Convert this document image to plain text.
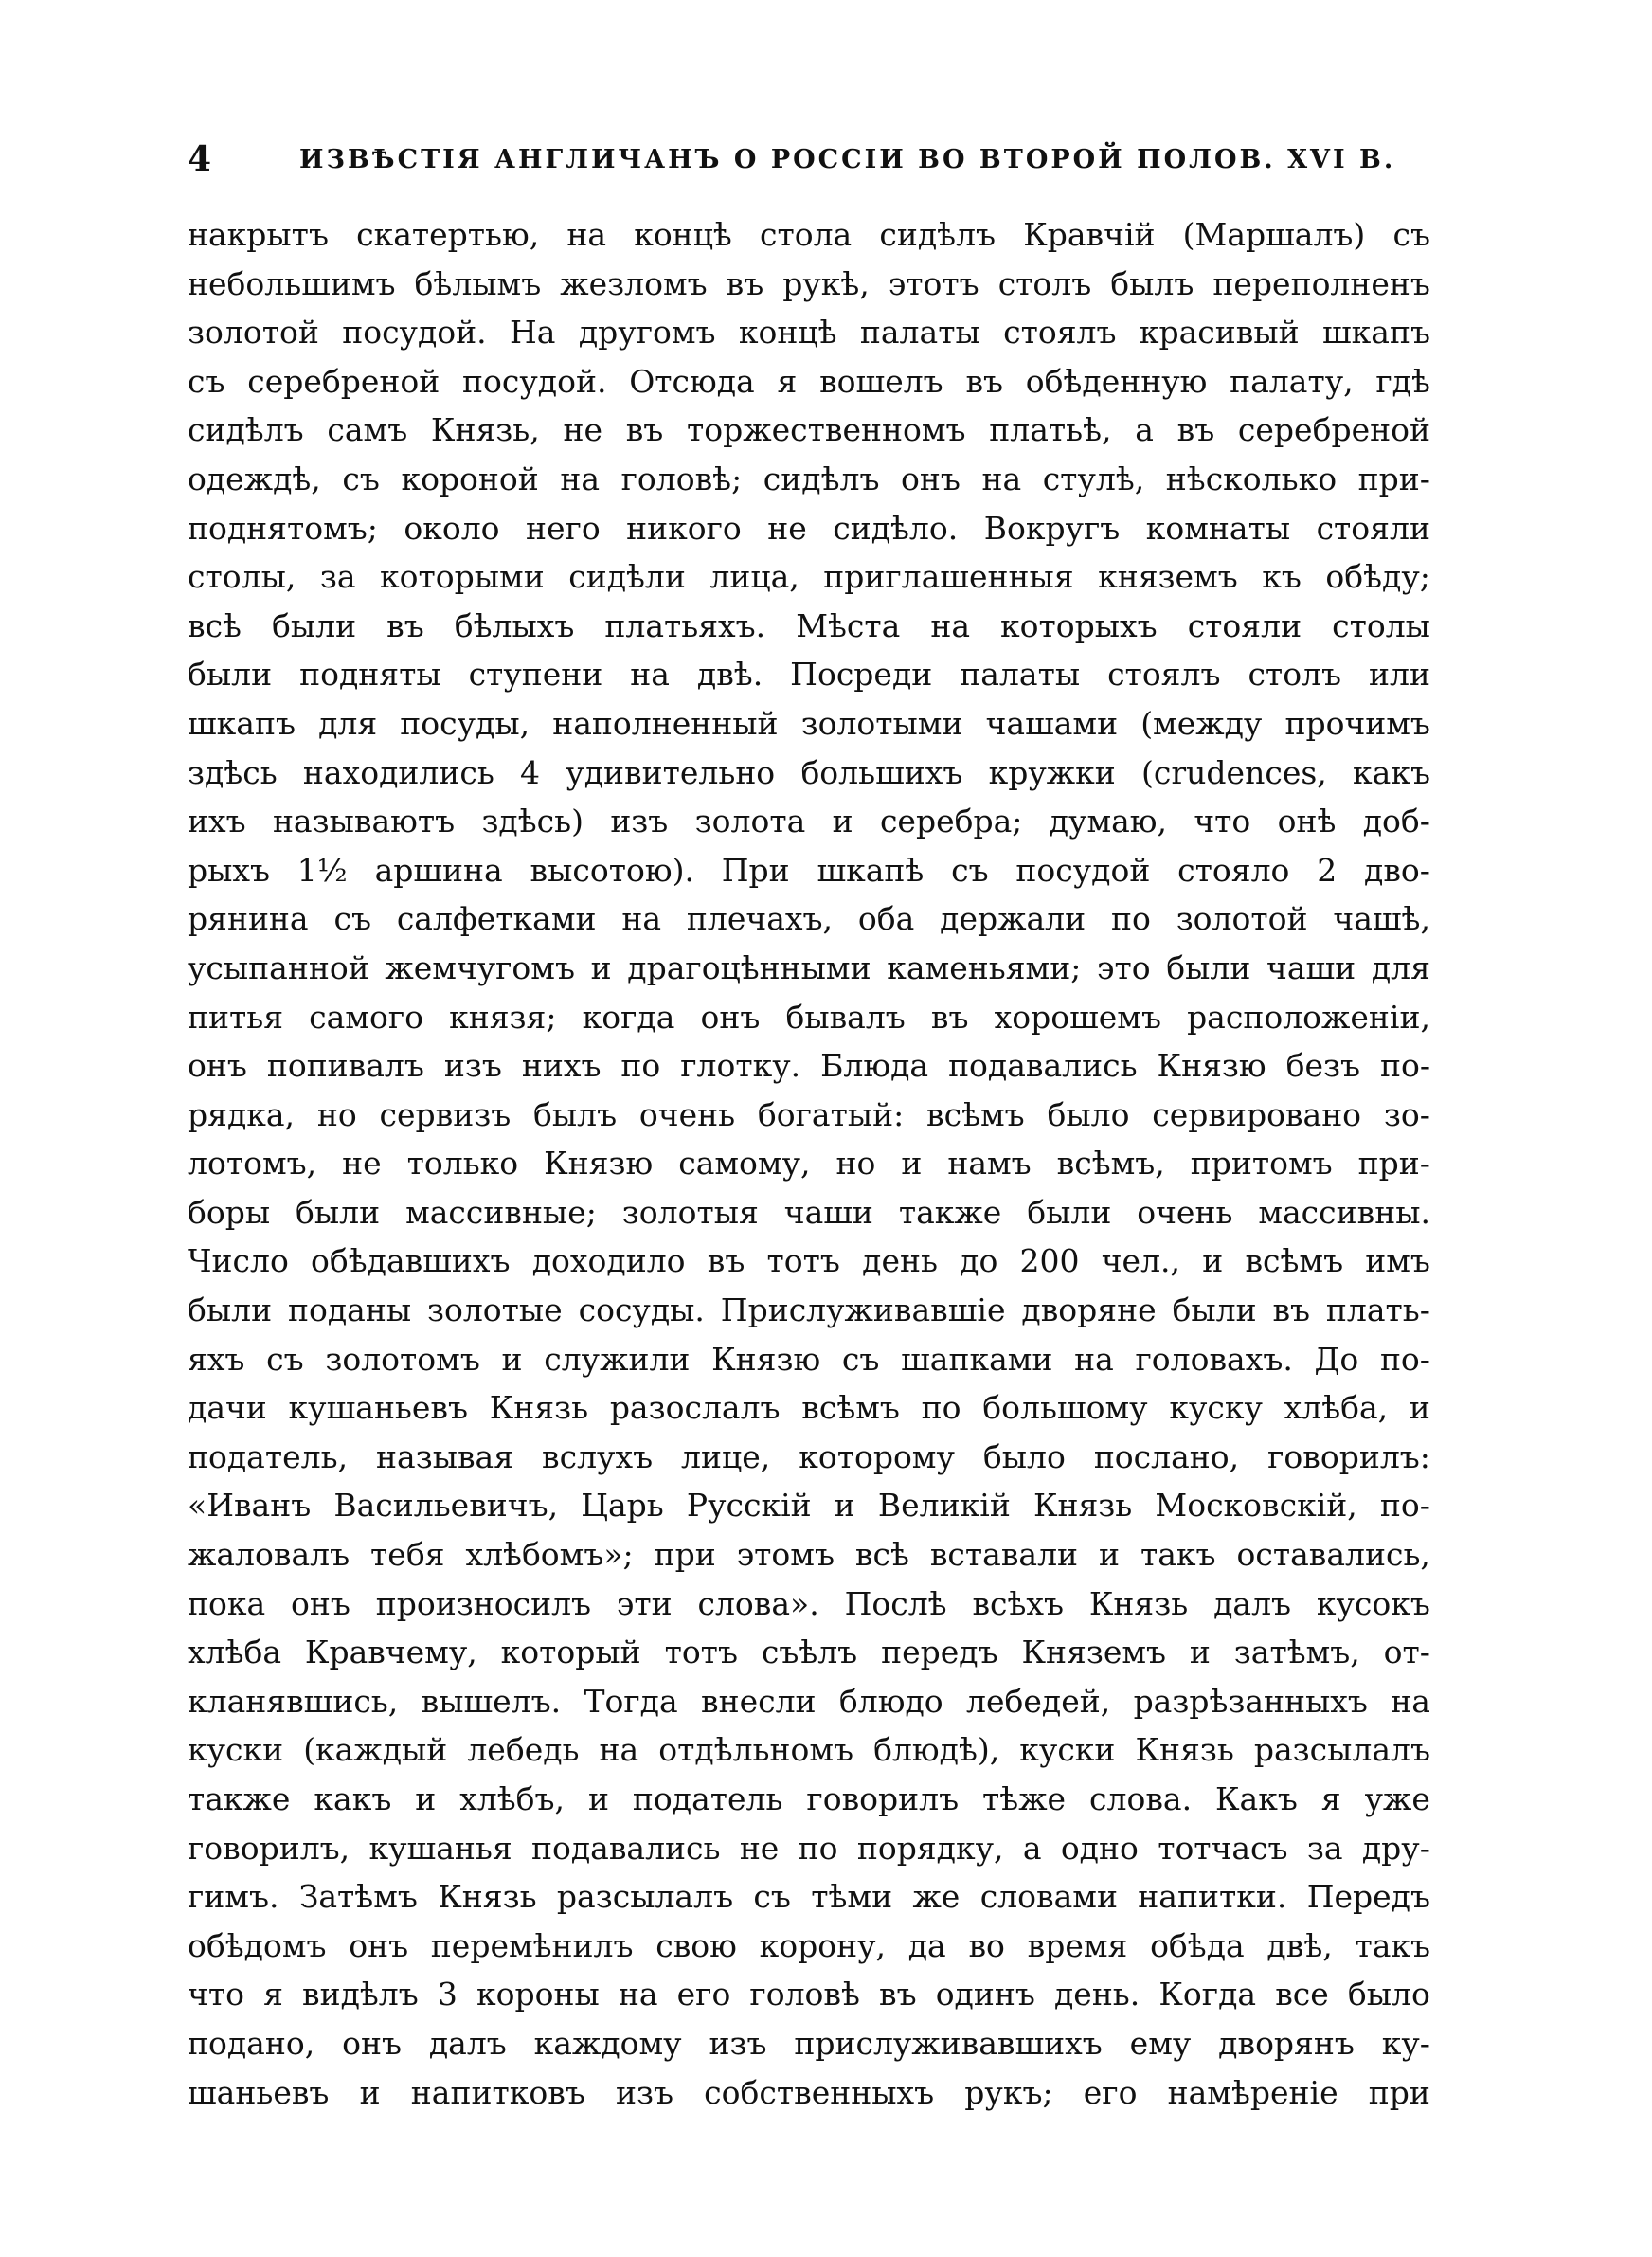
4	ИЗВѢСТІЯ АНГЛИЧАНЪ О РОССІИ ВО ВТОРОЙ ПОЛОВ. XVI В.
накрытъ скатертью, на концѣ стола сидѣлъ Кравчій (Маршалъ) съ
небольшимъ бѣлымъ жезломъ въ рукѣ, этотъ столъ былъ переполненъ
золотой посудой. На другомъ концѣ палаты стоялъ красивый шкапъ
съ серебреной посудой. Отсюда я вошелъ въ обѣденную палату, гдѣ
сидѣлъ самъ Князь, не въ торжественномъ платьѣ, а въ серебреной
одеждѣ, съ короной на головѣ; сидѣлъ онъ на стулѣ, нѣсколько при-
поднятомъ; около него никого не сидѣло. Вокругъ комнаты стояли
столы, за которыми сидѣли лица, приглашенныя княземъ къ обѣду;
всѣ были въ бѣлыхъ платьяхъ. Мѣста на которыхъ стояли столы
были подняты ступени на двѣ. Посреди палаты стоялъ столъ или
шкапъ для посуды, наполненный золотыми чашами (между прочимъ
здѣсь находились 4 удивительно большихъ кружки (crudences, какъ
ихъ называютъ здѣсь) изъ золота и серебра; думаю, что онѣ доб-
рыхъ 1½ аршина высотою). При шкапѣ съ посудой стояло 2 дво-
рянина съ салфетками на плечахъ, оба держали по золотой чашѣ,
усыпанной жемчугомъ и драгоцѣнными каменьями; это были чаши для
питья самого князя; когда онъ бывалъ въ хорошемъ расположеніи,
онъ попивалъ изъ нихъ по глотку. Блюда подавались Князю безъ по-
рядка, но сервизъ былъ очень богатый: всѣмъ было сервировано зо-
лотомъ, не только Князю самому, но и намъ всѣмъ, притомъ при-
боры были массивные; золотыя чаши также были очень массивны.
Число обѣдавшихъ доходило въ тотъ день до 200 чел., и всѣмъ имъ
были поданы золотые сосуды. Прислуживавшіе дворяне были въ плать-
яхъ съ золотомъ и служили Князю съ шапками на головахъ. До по-
дачи кушаньевъ Князь разослалъ всѣмъ по большому куску хлѣба, и
податель, называя вслухъ лице, которому было послано, говорилъ:
«Иванъ Васильевичъ, Царь Русскій и Великій Князь Московскій, по-
жаловалъ тебя хлѣбомъ»; при этомъ всѣ вставали и такъ оставались,
пока онъ произносилъ эти слова». Послѣ всѣхъ Князь далъ кусокъ
хлѣба Кравчему, который тотъ съѣлъ передъ Княземъ и затѣмъ, от-
кланявшись, вышелъ. Тогда внесли блюдо лебедей, разрѣзанныхъ на
куски (каждый лебедь на отдѣльномъ блюдѣ), куски Князь разсылалъ
также какъ и хлѣбъ, и податель говорилъ тѣже слова. Какъ я уже
говорилъ, кушанья подавались не по порядку, а одно тотчасъ за дру-
гимъ. Затѣмъ Князь разсылалъ съ тѣми же словами напитки. Передъ
обѣдомъ онъ перемѣнилъ свою корону, да во время обѣда двѣ, такъ
что я видѣлъ 3 короны на его головѣ въ одинъ день. Когда все было
подано, онъ далъ каждому изъ прислуживавшихъ ему дворянъ ку-
шаньевъ и напитковъ изъ собственныхъ рукъ; его намѣреніе при
